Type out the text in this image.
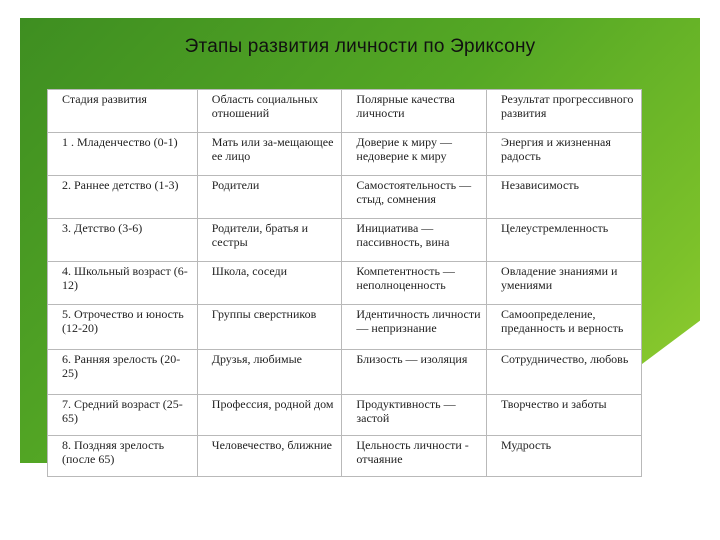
Этапы развития личности по Эриксону
Стадия развития	Область социальных отношений	Полярные качества личности	Результат прогрессивного развития
1 . Младенчество (0-1)	Мать или за-мещающее ее лицо	Доверие к миру — недоверие к миру	Энергия и жизненная радость
2. Раннее детство (1-3)	Родители	Самостоятельность — стыд, сомнения	Независимость
3. Детство (3-6)	Родители, братья и сестры	Инициатива — пассивность, вина	Целеустремленность
4. Школьный возраст (6-12)	Школа, соседи	Компетентность — неполноценность	Овладение знаниями и умениями
5. Отрочество и юность (12-20)	Группы сверстников	Идентичность личности — непризнание	Самоопределение, преданность и верность
6. Ранняя зрелость (20-25)	Друзья, любимые	Близость — изоляция	Сотрудничество, любовь
7. Средний возраст (25-65)	Профессия, родной дом	Продуктивность — застой	Творчество и заботы
8. Поздняя зрелость (после 65)	Человечество, ближние	Цельность личности - отчаяние	Мудрость
